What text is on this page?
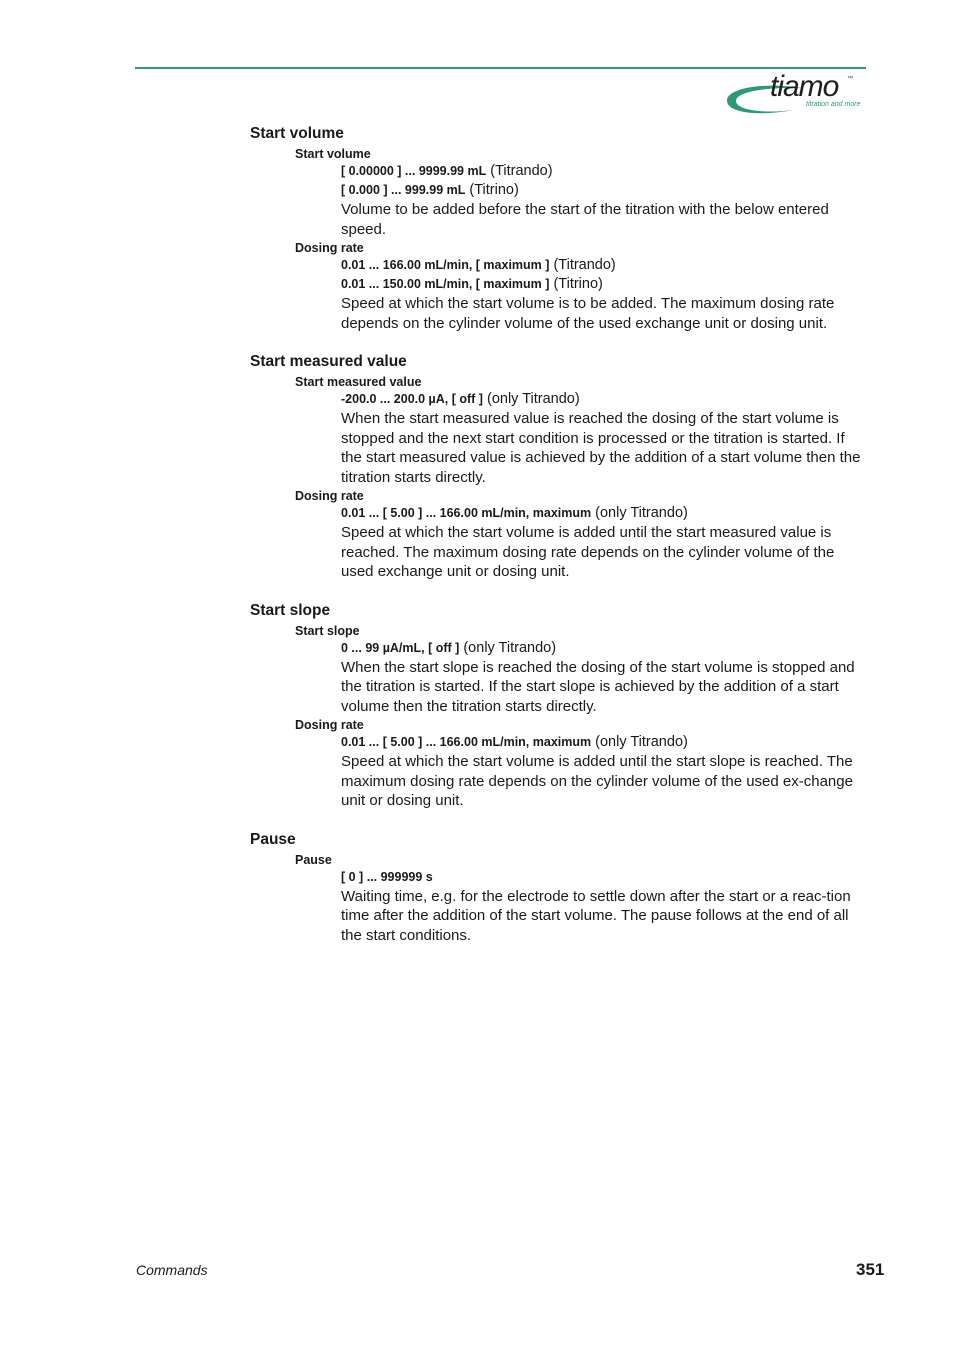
tiamo ™
titration and more
Start volume
Start volume
[ 0.00000 ] ... 9999.99 mL (Titrando)
[ 0.000 ] ... 999.99 mL (Titrino)
Volume to be added before the start of the titration with the below entered speed.
Dosing rate
0.01 ... 166.00 mL/min, [ maximum ] (Titrando)
0.01 ... 150.00 mL/min, [ maximum ] (Titrino)
Speed at which the start volume is to be added. The maximum dosing rate depends on the cylinder volume of the used exchange unit or dosing unit.
Start measured value
Start measured value
-200.0 ... 200.0 µA, [ off ] (only Titrando)
When the start measured value is reached the dosing of the start volume is stopped and the next start condition is processed or the titration is started. If the start measured value is achieved by the addition of a start volume then the titration starts directly.
Dosing rate
0.01 ... [ 5.00 ] ... 166.00 mL/min, maximum (only Titrando)
Speed at which the start volume is added until the start measured value is reached. The maximum dosing rate depends on the cylinder volume of the used exchange unit or dosing unit.
Start slope
Start slope
0 ... 99 µA/mL, [ off ] (only Titrando)
When the start slope is reached the dosing of the start volume is stopped and the titration is started. If the start slope is achieved by the addition of a start volume then the titration starts directly.
Dosing rate
0.01 ... [ 5.00 ] ... 166.00 mL/min, maximum (only Titrando)
Speed at which the start volume is added until the start slope is reached. The maximum dosing rate depends on the cylinder volume of the used ex-change unit or dosing unit.
Pause
Pause
[ 0 ] ... 999999 s
Waiting time, e.g. for the electrode to settle down after the start or a reac-tion time after the addition of the start volume. The pause follows at the end of all the start conditions.
Commands	351
